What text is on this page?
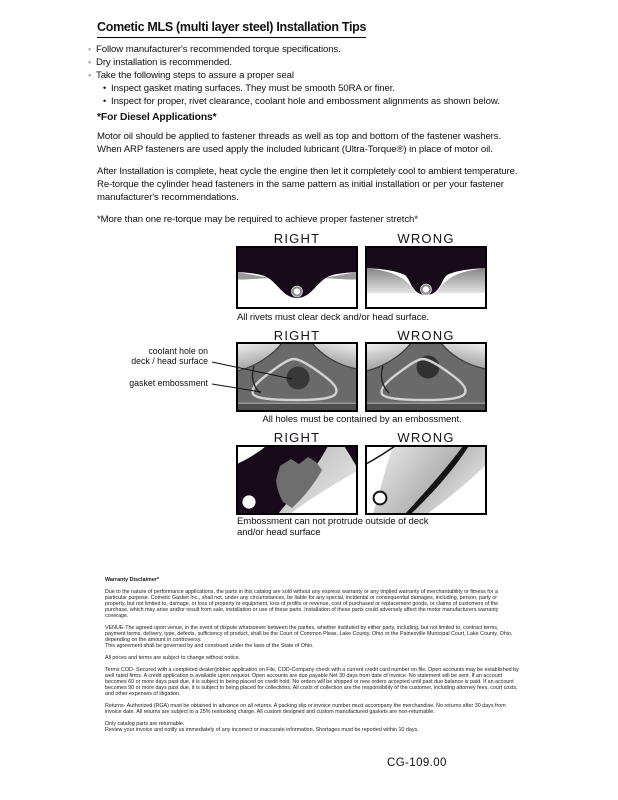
Cometic MLS (multi layer steel) Installation Tips
◦
Follow manufacturer's recommended torque specifications.
◦
Dry installation is recommended.
◦
Take the following steps to assure a proper seal
•
Inspect gasket mating surfaces. They must be smooth 50RA or finer.
•
Inspect for proper, rivet clearance, coolant hole and embossment alignments as shown below.
*For Diesel Applications*

Motor oil should be applied to fastener threads as well as top and bottom of the fastener washers. When ARP fasteners are used apply the included lubricant (Ultra-Torque®) in place of motor oil.

After Installation is complete, heat cycle the engine then let it completely cool to ambient temperature. Re-torque the cylinder head fasteners in the same pattern as initial installation or per your fastener manufacturer's recommendations.

*More than one re-torque may be required to achieve proper fastener stretch*

RIGHT	WRONG
All rivets must clear deck and/or head surface.
RIGHT	WRONG
coolant hole on
deck / head surface
gasket embossment
All holes must be contained by an embossment.
RIGHT	WRONG
Embossment can not protrude outside of deck and/or head surface
Warranty Disclaimer*

Due to the nature of performance applications, the parts in this catalog are sold without any express warranty or any implied warranty of merchantability or fitness for a particular purpose. Cometic Gasket Inc., shall not, under any circumstances, be liable for any special, incidental or consequential damages, including, person, party or property, but not limited to, damage, or loss of property or equipment, loss of profits or revenue, cost of purchased or replacement goods, or claims of customers of the purchase, which may arise and/or result from sale, installation or use of these parts. Installation of these parts could adversely affect the motor manufacturers warranty coverage.

VENUE-The agreed upon venue, in the event of dispute whatsoever between the parties, whether instituted by either party, including, but not limited to, contract terms, payment terms, delivery, type, defects, sufficiency of product, shall be the Court of Common Pleas, Lake County, Ohio or the Painesville Municipal Court, Lake County, Ohio, depending on the amount in controversy.

This agreement shall be governed by and construed under the laws of the State of Ohio.

All prices and terms are subject to change without notice.

Terms COD- Secured with a completed dealer/jobber application on File, COD-Company check with a current credit card number on file. Open accounts may be established by well rated firms. A credit application is available upon request. Open accounts are due payable Net 30 days from date of invoice. No statement will be sent. If an account becomes 60 or more days past due, it is subject to being placed on credit hold. No orders will be shipped or new orders accepted until past due balance is paid. If an account becomes 90 or more days past due, it is subject to being placed for collections. All costs of collection are the responsibility of the customer, including attorney fees, court costs, and other expenses of litigation.

Returns- Authorized (RGA) must be obtained in advance on all returns. A packing slip or invoice number must accompany the merchandise. No returns after 30 days from invoice date. All returns are subject to a 25% restocking charge. All custom designed and custom manufactured gaskets are non-returnable.

Only catalog parts are returnable.

Review your invoice and notify us immediately of any incorrect or inaccurate information. Shortages must be reported within 10 days.

CG-109.00
